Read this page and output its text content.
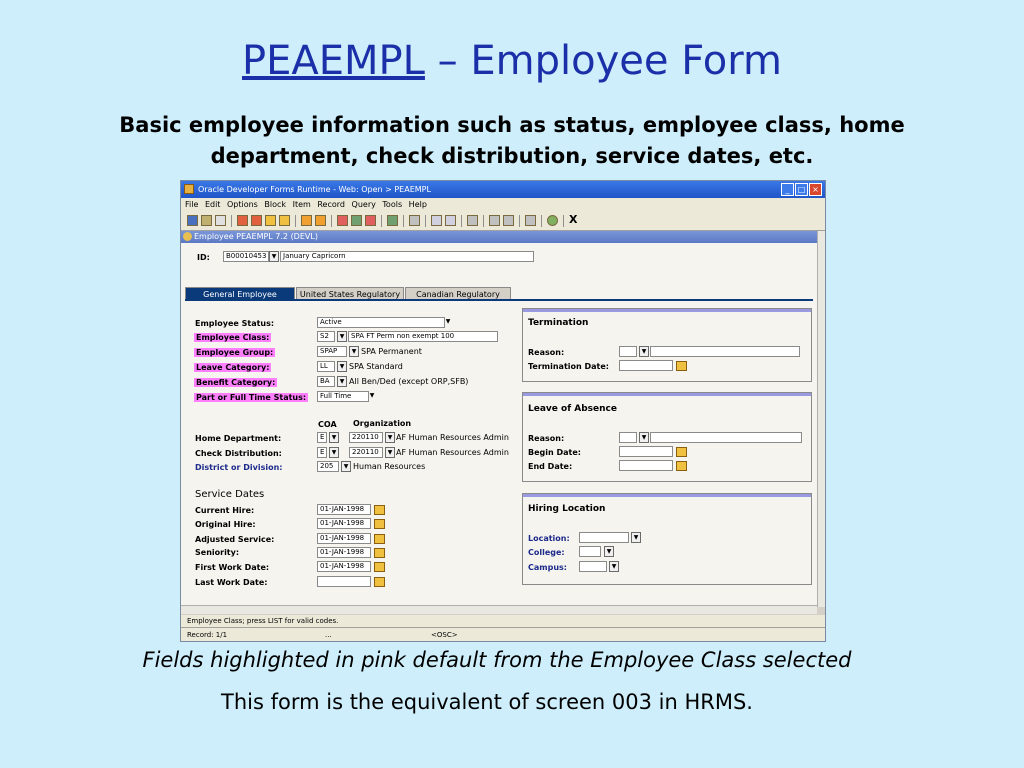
PEAEMPL – Employee Form
Basic employee information such as status, employee class, home
department, check distribution, service dates, etc.
Oracle Developer Forms Runtime - Web: Open > PEAEMPL	_	□ ×
File Edit Options Block Item Record Query Tools Help
X
Employee PEAEMPL 7.2 (DEVL)
ID:	B00010453 ▼ January Capricorn
General Employee	United States Regulatory	Canadian Regulatory
Employee Status:	Active	▼
Employee Class:	S2	▼ SPA FT Perm non exempt 100
Employee Group:	SPAP	▼ SPA Permanent
Leave Category:	LL	▼ SPA Standard
Benefit Category:	BA	▼ All Ben/Ded (except ORP,SFB)
Part or Full Time Status:	Full Time	▼
COA Organization
Home Department:	E	▼	220110	▼ AF Human Resources Admin
Check Distribution:	E	▼	220110	▼ AF Human Resources Admin
District or Division:	205	▼ Human Resources
Service Dates
Current Hire:	01-JAN-1998
Original Hire:	01-JAN-1998
Adjusted Service:	01-JAN-1998
Seniority:	01-JAN-1998
First Work Date:	01-JAN-1998
Last Work Date:
Termination
Reason:	▼
Termination Date:
Leave of Absence
Reason:	▼
Begin Date:
End Date:
Hiring Location
Location:	▼
College:	▼
Campus:	▼
Employee Class; press LIST for valid codes.
Record: 1/1	...	<OSC>
Fields highlighted in pink default from the Employee Class selected
This form is the equivalent of screen 003 in HRMS.
